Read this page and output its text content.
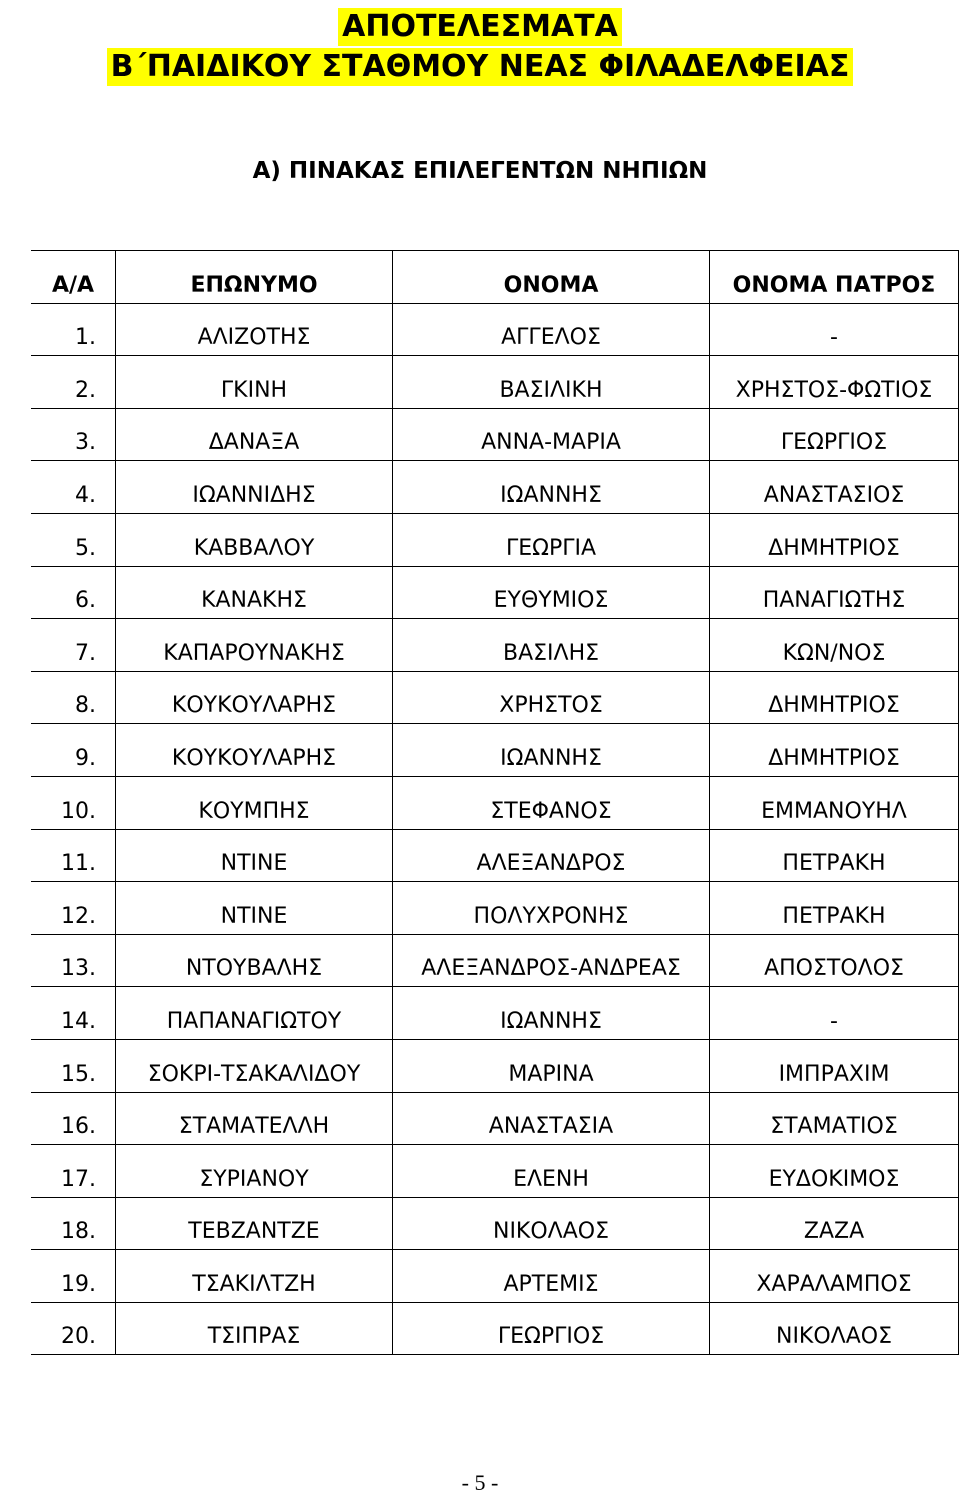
ΑΠΟΤΕΛΕΣΜΑΤΑ
Β΄ΠΑΙΔΙΚΟΥ ΣΤΑΘΜΟΥ ΝΕΑΣ ΦΙΛΑΔΕΛΦΕΙΑΣ
Α) ΠΙΝΑΚΑΣ ΕΠΙΛΕΓΕΝΤΩΝ ΝΗΠΙΩΝ
Α/Α	ΕΠΩΝΥΜΟ	ΟΝΟΜΑ	ΟΝΟΜΑ ΠΑΤΡΟΣ
1.	ΑΛΙΖΟΤΗΣ	ΑΓΓΕΛΟΣ	-
2.	ΓΚΙΝΗ	ΒΑΣΙΛΙΚΗ	ΧΡΗΣΤΟΣ-ΦΩΤΙΟΣ
3.	ΔΑΝΑΞΑ	ΑΝΝΑ-ΜΑΡΙΑ	ΓΕΩΡΓΙΟΣ
4.	ΙΩΑΝΝΙΔΗΣ	ΙΩΑΝΝΗΣ	ΑΝΑΣΤΑΣΙΟΣ
5.	ΚΑΒΒΑΛΟΥ	ΓΕΩΡΓΙΑ	ΔΗΜΗΤΡΙΟΣ
6.	ΚΑΝΑΚΗΣ	ΕΥΘΥΜΙΟΣ	ΠΑΝΑΓΙΩΤΗΣ
7.	ΚΑΠΑΡΟΥΝΑΚΗΣ	ΒΑΣΙΛΗΣ	ΚΩΝ/ΝΟΣ
8.	ΚΟΥΚΟΥΛΑΡΗΣ	ΧΡΗΣΤΟΣ	ΔΗΜΗΤΡΙΟΣ
9.	ΚΟΥΚΟΥΛΑΡΗΣ	ΙΩΑΝΝΗΣ	ΔΗΜΗΤΡΙΟΣ
10.	ΚΟΥΜΠΗΣ	ΣΤΕΦΑΝΟΣ	ΕΜΜΑΝΟΥΗΛ
11.	ΝΤΙΝΕ	ΑΛΕΞΑΝΔΡΟΣ	ΠΕΤΡΑΚΗ
12.	ΝΤΙΝΕ	ΠΟΛΥΧΡΟΝΗΣ	ΠΕΤΡΑΚΗ
13.	ΝΤΟΥΒΑΛΗΣ	ΑΛΕΞΑΝΔΡΟΣ-ΑΝΔΡΕΑΣ	ΑΠΟΣΤΟΛΟΣ
14.	ΠΑΠΑΝΑΓΙΩΤΟΥ	ΙΩΑΝΝΗΣ	-
15.	ΣΟΚΡΙ-ΤΣΑΚΑΛΙΔΟΥ	ΜΑΡΙΝΑ	ΙΜΠΡΑΧΙΜ
16.	ΣΤΑΜΑΤΕΛΛΗ	ΑΝΑΣΤΑΣΙΑ	ΣΤΑΜΑΤΙΟΣ
17.	ΣΥΡΙΑΝΟΥ	ΕΛΕΝΗ	ΕΥΔΟΚΙΜΟΣ
18.	ΤΕΒΖΑΝΤΖΕ	ΝΙΚΟΛΑΟΣ	ΖΑΖΑ
19.	ΤΣΑΚΙΛΤΖΗ	ΑΡΤΕΜΙΣ	ΧΑΡΑΛΑΜΠΟΣ
20.	ΤΣΙΠΡΑΣ	ΓΕΩΡΓΙΟΣ	ΝΙΚΟΛΑΟΣ
- 5 -
